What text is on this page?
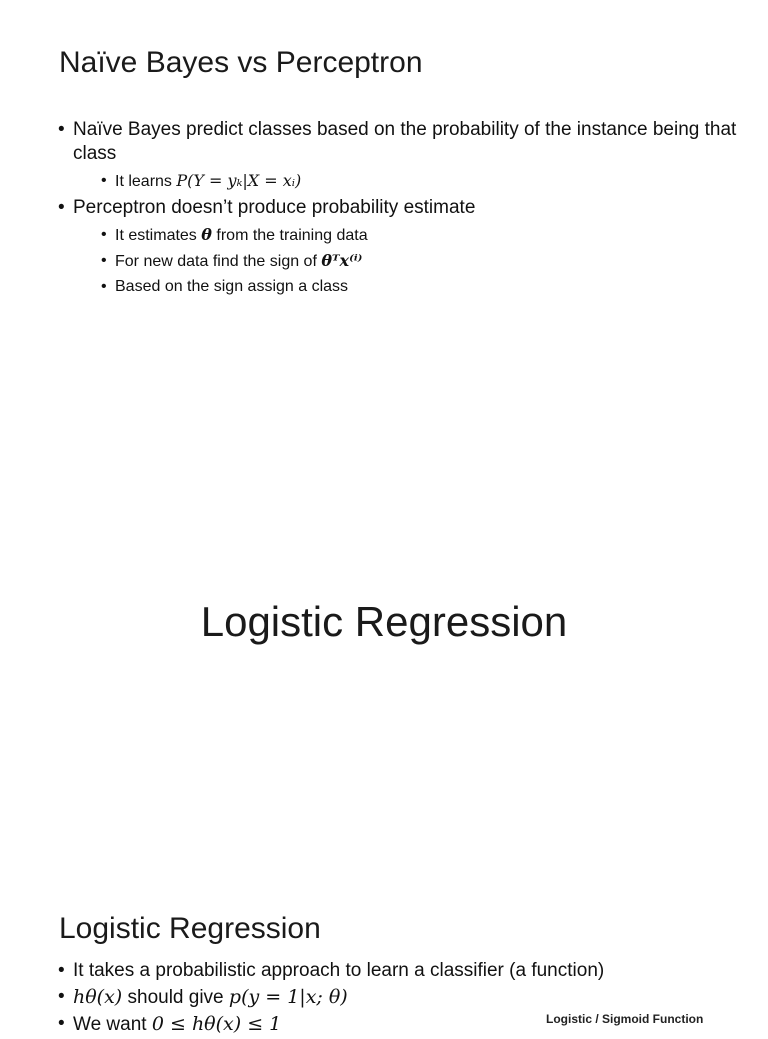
Naïve Bayes vs Perceptron
• Naïve Bayes predict classes based on the probability of the instance being that class
• It learns P(Y = yₖ|X = xᵢ)
• Perceptron doesn’t produce probability estimate
• It estimates θ from the training data
• For new data find the sign of θᵀx⁽ⁱ⁾
• Based on the sign assign a class
Logistic Regression
Logistic Regression
• It takes a probabilistic approach to learn a classifier (a function)
• hθ(x) should give p(y = 1|x; θ)
• We want 0 ≤ hθ(x) ≤ 1	Logistic / Sigmoid Function
